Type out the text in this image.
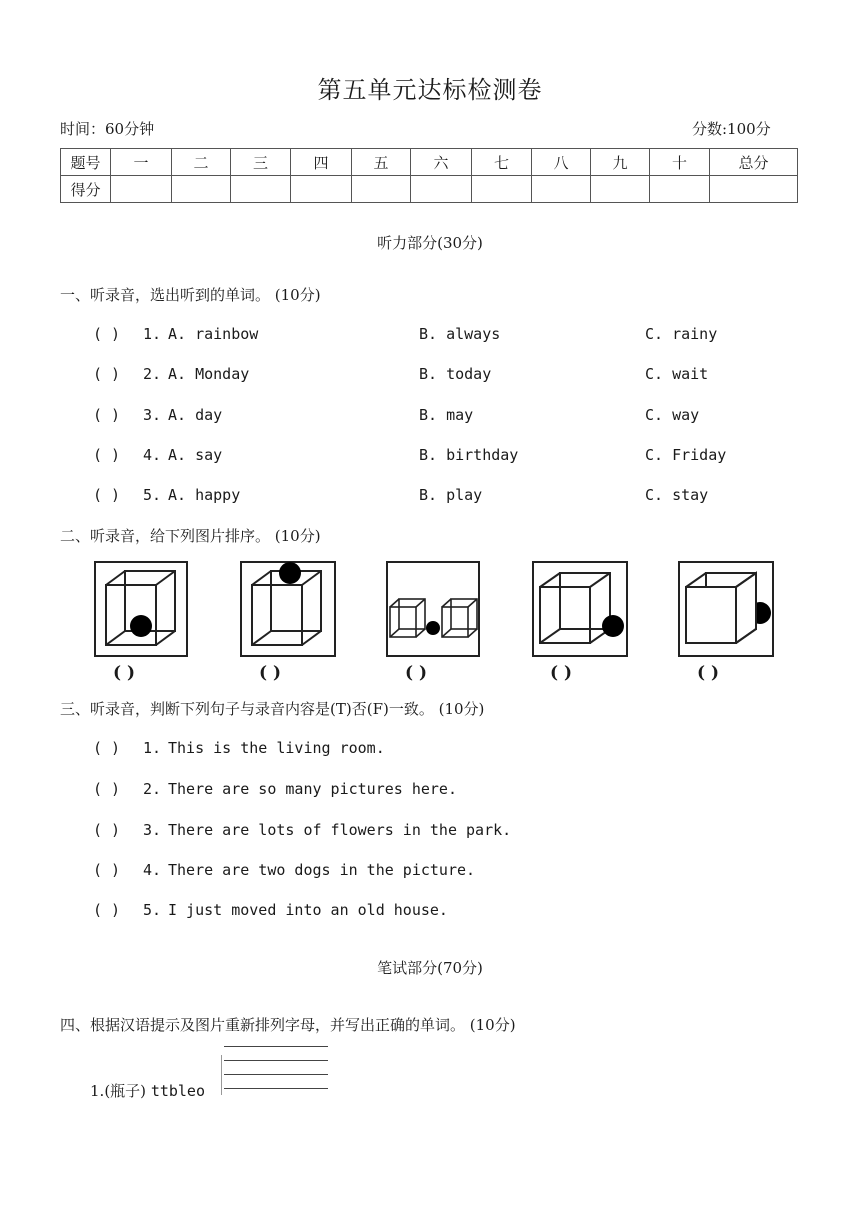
第五单元达标检测卷
时间：60分钟	分数:100分
题号	一	二	三	四	五	六	七	八	九	十	总分
得分											
听力部分(30分)
一、听录音，选出听到的单词。 (10分)
( ) 1. A. rainbow	B. always	C. rainy
( ) 2. A. Monday	B. today	C. wait
( ) 3. A. day	B. may	C. way
( ) 4. A. say	B. birthday	C. Friday
( ) 5. A. happy	B. play	C. stay
二、听录音，给下列图片排序。 (10分)
( )	( )	( )	( )	( )
三、听录音，判断下列句子与录音内容是(T)否(F)一致。 (10分)
( ) 1. This is the living room.
( ) 2. There are so many pictures here.
( ) 3. There are lots of flowers in the park.
( ) 4. There are two dogs in the picture.
( ) 5. I just moved into an old house.
笔试部分(70分)
四、根据汉语提示及图片重新排列字母，并写出正确的单词。 (10分)
1.(瓶子) ttbleo
